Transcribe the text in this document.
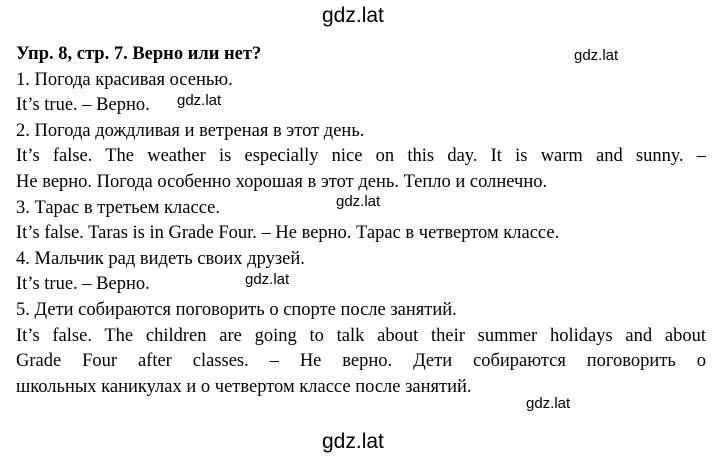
gdz.lat
gdz.lat
gdz.lat
gdz.lat
gdz.lat
gdz.lat
gdz.lat
Упр. 8, стр. 7. Верно или нет?
1. Погода красивая осенью.
It’s true. – Верно.
2. Погода дождливая и ветреная в этот день.
It’s false. The weather is especially nice on this day. It is warm and sunny. –
Не верно. Погода особенно хорошая в этот день. Тепло и солнечно.
3. Тарас в третьем классе.
It’s false. Taras is in Grade Four. – Не верно. Тарас в четвертом классе.
4. Мальчик рад видеть своих друзей.
It’s true. – Верно.
5. Дети собираются поговорить о спорте после занятий.
It’s false. The children are going to talk about their summer holidays and about
Grade Four after classes. – Не верно. Дети собираются поговорить о
школьных каникулах и о четвертом классе после занятий.
